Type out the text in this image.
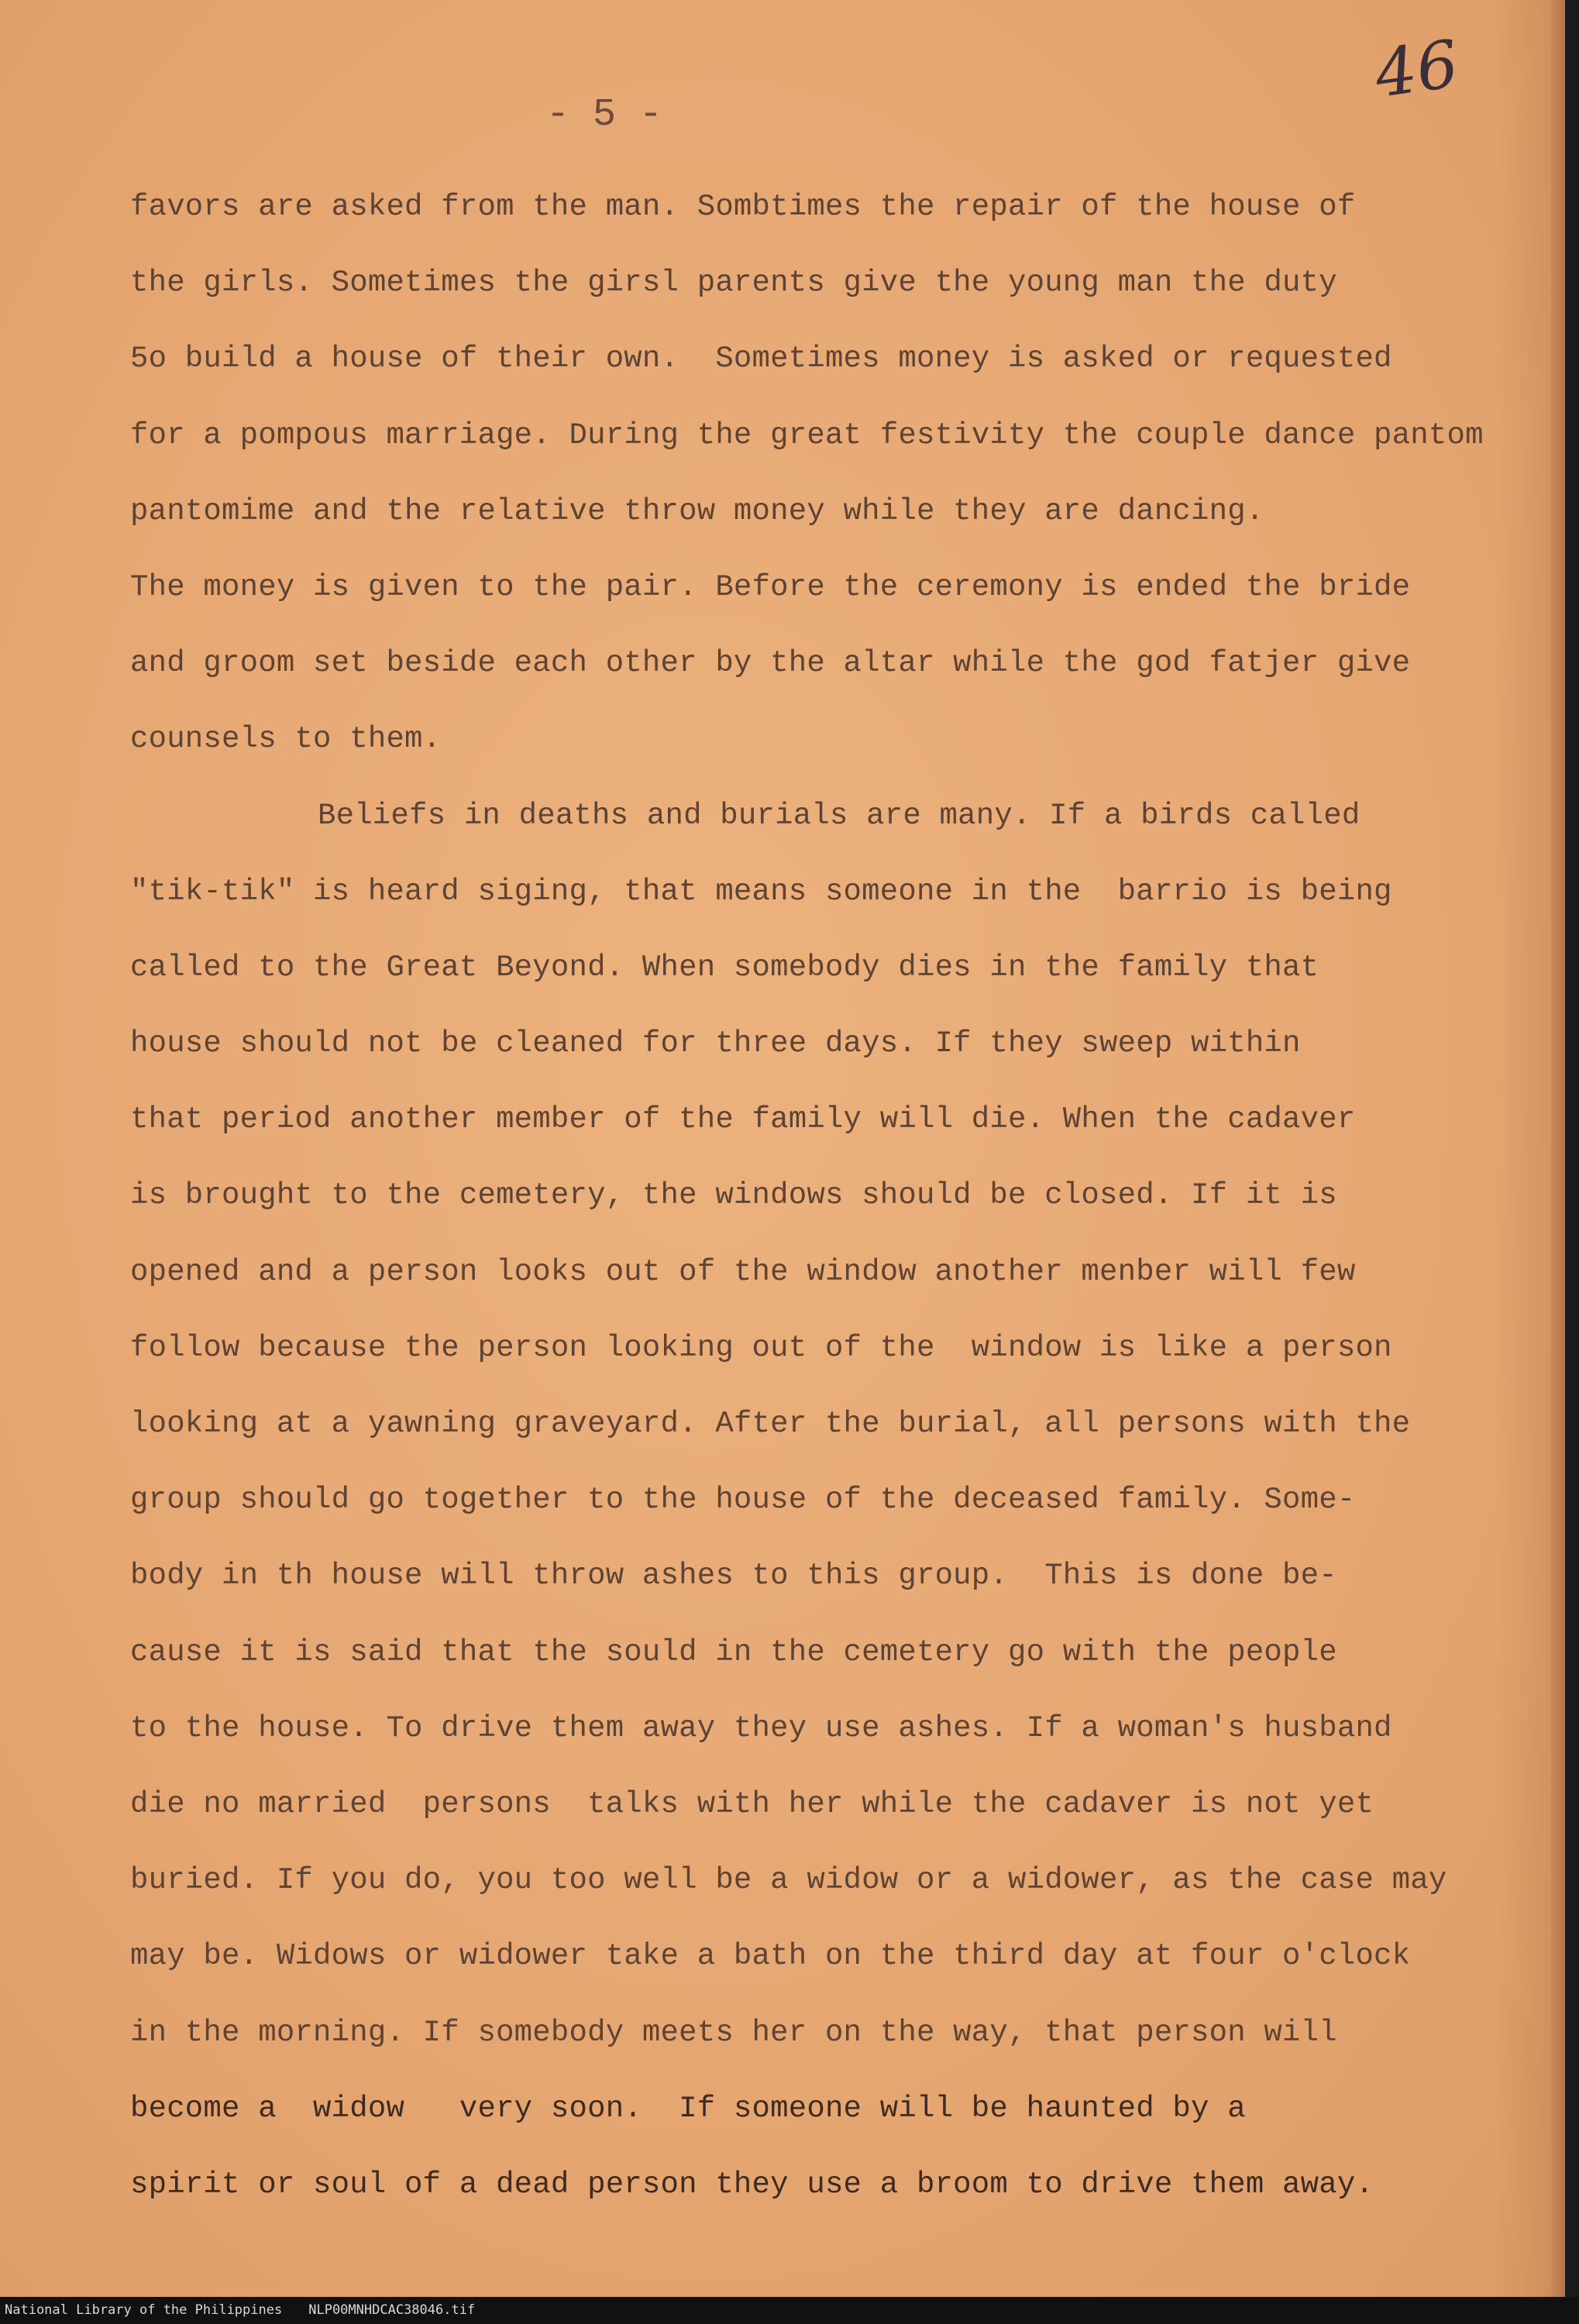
46
- 5 -
favors are asked from the man. Sombtimes the repair of the house of
the girls. Sometimes the girsl parents give the young man the duty
5o build a house of their own.  Sometimes money is asked or requested
for a pompous marriage. During the great festivity the couple dance pantom
pantomime and the relative throw money while they are dancing.
The money is given to the pair. Before the ceremony is ended the bride
and groom set beside each other by the altar while the god fatjer give
counsels to them.
Beliefs in deaths and burials are many. If a birds called
"tik-tik" is heard siging, that means someone in the  barrio is being
called to the Great Beyond. When somebody dies in the family that
house should not be cleaned for three days. If they sweep within
that period another member of the family will die. When the cadaver
is brought to the cemetery, the windows should be closed. If it is
opened and a person looks out of the window another menber will few
follow because the person looking out of the  window is like a person
looking at a yawning graveyard. After the burial, all persons with the
group should go together to the house of the deceased family. Some-
body in th house will throw ashes to this group.  This is done be-
cause it is said that the sould in the cemetery go with the people
to the house. To drive them away they use ashes. If a woman's husband
die no married  persons  talks with her while the cadaver is not yet
buried. If you do, you too well be a widow or a widower, as the case may
may be. Widows or widower take a bath on the third day at four o'clock
in the morning. If somebody meets her on the way, that person will
become a  widow   very soon.  If someone will be haunted by a
spirit or soul of a dead person they use a broom to drive them away.
National Library of the Philippines NLP00MNHDCAC38046.tif
